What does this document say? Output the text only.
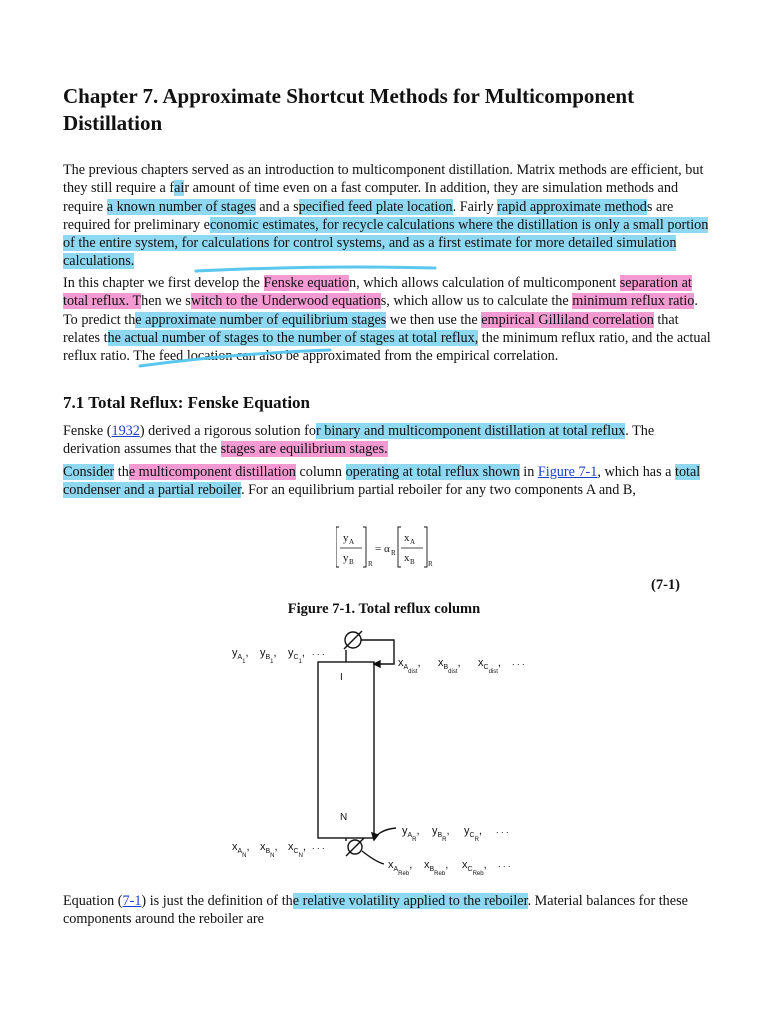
Chapter 7. Approximate Shortcut Methods for Multicomponent Distillation

The previous chapters served as an introduction to multicomponent distillation. Matrix methods are efficient, but they still require a fair amount of time even on a fast computer. In addition, they are simulation methods and require a known number of stages and a specified feed plate location. Fairly rapid approximate methods are required for preliminary economic estimates, for recycle calculations where the distillation is only a small portion of the entire system, for calculations for control systems, and as a first estimate for more detailed simulation calculations.

In this chapter we first develop the Fenske equation, which allows calculation of multicomponent separation at total reflux. Then we switch to the Underwood equations, which allow us to calculate the minimum reflux ratio. To predict the approximate number of equilibrium stages we then use the empirical Gilliland correlation that relates the actual number of stages to the number of stages at total reflux, the minimum reflux ratio, and the actual reflux ratio. The feed location can also be approximated from the empirical correlation.

7.1 Total Reflux: Fenske Equation

Fenske (1932) derived a rigorous solution for binary and multicomponent distillation at total reflux. The derivation assumes that the stages are equilibrium stages.

Consider the multicomponent distillation column operating at total reflux shown in Figure 7-1, which has a total condenser and a partial reboiler. For an equilibrium partial reboiler for any two components A and B,

y A
y B R
= α R
x A
x B R
(7-1)
Figure 7-1. Total reflux column
I
N
$y_{A1}$, $y_{B1}$, $y_{C1}$, . . .
$x_{Adist}$, $x_{Bdist}$, $x_{Cdist}$, . . .
$y_{AR}$, $y_{BR}$, $y_{CR}$, . . .
$x_{AN}$, $x_{BN}$, $x_{CN}$, . . .
$x_{AReb}$, $x_{BReb}$, $x_{CReb}$, . . .

Equation (7-1) is just the definition of the relative volatility applied to the reboiler. Material balances for these components around the reboiler are
